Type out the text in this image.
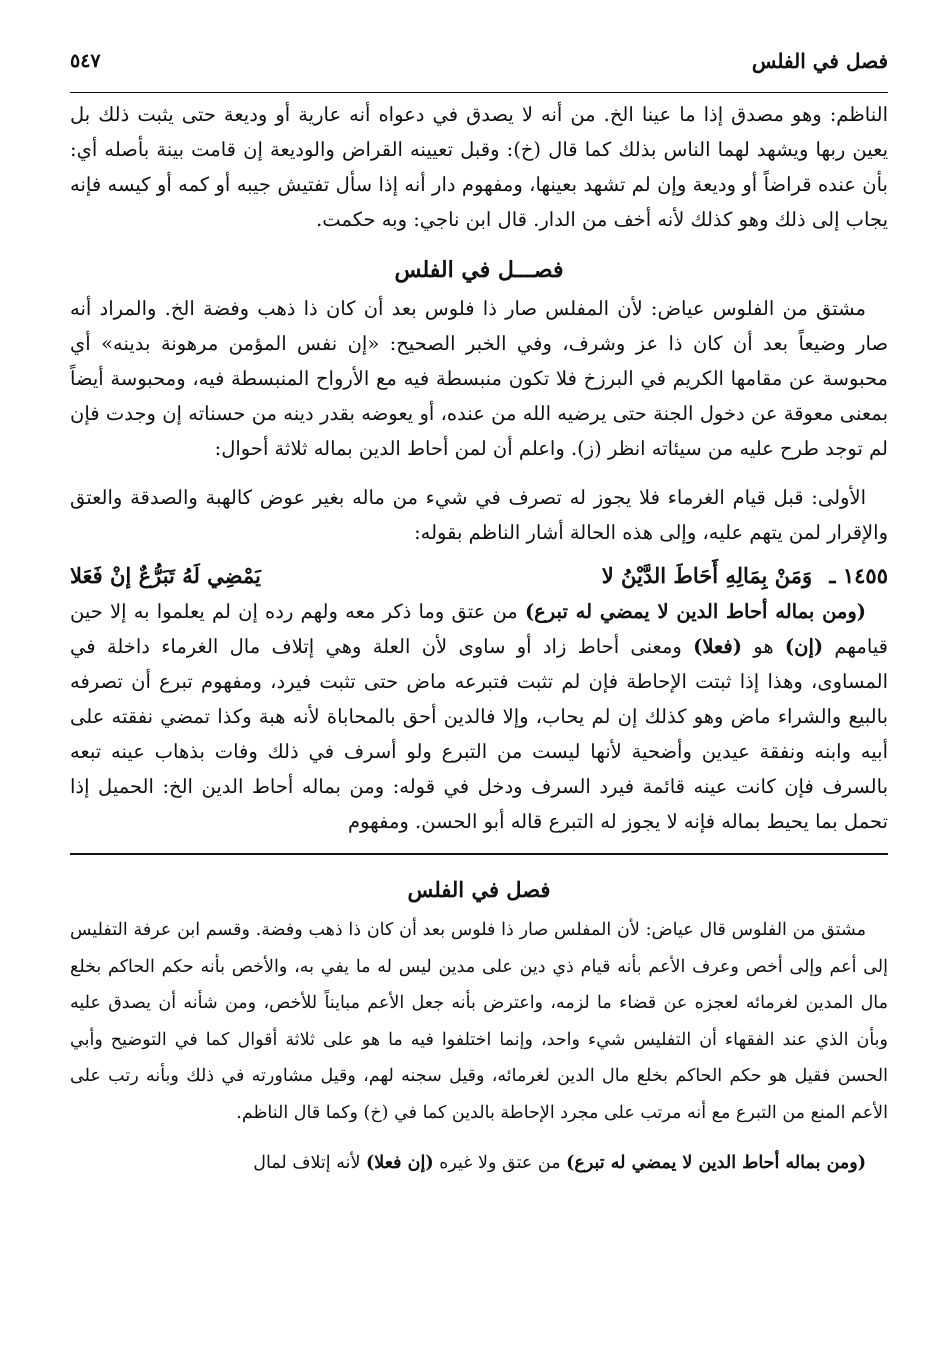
فصل في الفلس
٥٤٧

الناظم: وهو مصدق إذا ما عينا الخ. من أنه لا يصدق في دعواه أنه عارية أو وديعة حتى يثبت ذلك بل يعين ربها ويشهد لهما الناس بذلك كما قال (خ): وقبل تعيينه القراض والوديعة إن قامت بينة بأصله أي: بأن عنده قراضاً أو وديعة وإن لم تشهد بعينها، ومفهوم دار أنه إذا سأل تفتيش جيبه أو كمه أو كيسه فإنه يجاب إلى ذلك وهو كذلك لأنه أخف من الدار. قال ابن ناجي: وبه حكمت.

فصـــل في الفلس

مشتق من الفلوس عياض: لأن المفلس صار ذا فلوس بعد أن كان ذا ذهب وفضة الخ. والمراد أنه صار وضيعاً بعد أن كان ذا عز وشرف، وفي الخبر الصحيح: «إن نفس المؤمن مرهونة بدينه» أي محبوسة عن مقامها الكريم في البرزخ فلا تكون منبسطة فيه مع الأرواح المنبسطة فيه، ومحبوسة أيضاً بمعنى معوقة عن دخول الجنة حتى يرضيه الله من عنده، أو يعوضه بقدر دينه من حسناته إن وجدت فإن لم توجد طرح عليه من سيئاته انظر (ز). واعلم أن لمن أحاط الدين بماله ثلاثة أحوال:

الأولى: قبل قيام الغرماء فلا يجوز له تصرف في شيء من ماله بغير عوض كالهبة والصدقة والعتق والإقرار لمن يتهم عليه، وإلى هذه الحالة أشار الناظم بقوله:

١٤٥٥ ـ وَمَنْ بِمَالِهِ أَحَاطَ الدَّيْنُ لا
يَمْضِي لَهُ تَبَرُّعٌ إنْ فَعَلا

(ومن بماله أحاط الدين لا يمضي له تبرع) من عتق وما ذكر معه ولهم رده إن لم يعلموا به إلا حين قيامهم (إن) هو (فعلا) ومعنى أحاط زاد أو ساوى لأن العلة وهي إتلاف مال الغرماء داخلة في المساوى، وهذا إذا ثبتت الإحاطة فإن لم تثبت فتبرعه ماض حتى تثبت فيرد، ومفهوم تبرع أن تصرفه بالبيع والشراء ماض وهو كذلك إن لم يحاب، وإلا فالدين أحق بالمحاباة لأنه هبة وكذا تمضي نفقته على أبيه وابنه ونفقة عيدين وأضحية لأنها ليست من التبرع ولو أسرف في ذلك وفات بذهاب عينه تبعه بالسرف فإن كانت عينه قائمة فيرد السرف ودخل في قوله: ومن بماله أحاط الدين الخ: الحميل إذا تحمل بما يحيط بماله فإنه لا يجوز له التبرع قاله أبو الحسن. ومفهوم

فصل في الفلس

مشتق من الفلوس قال عياض: لأن المفلس صار ذا فلوس بعد أن كان ذا ذهب وفضة. وقسم ابن عرفة التفليس إلى أعم وإلى أخص وعرف الأعم بأنه قيام ذي دين على مدين ليس له ما يفي به، والأخص بأنه حكم الحاكم بخلع مال المدين لغرمائه لعجزه عن قضاء ما لزمه، واعترض بأنه جعل الأعم مبايناً للأخص، ومن شأنه أن يصدق عليه وبأن الذي عند الفقهاء أن التفليس شيء واحد، وإنما اختلفوا فيه ما هو على ثلاثة أقوال كما في التوضيح وأبي الحسن فقيل هو حكم الحاكم بخلع مال الدين لغرمائه، وقيل سجنه لهم، وقيل مشاورته في ذلك وبأنه رتب على الأعم المنع من التبرع مع أنه مرتب على مجرد الإحاطة بالدين كما في (خ) وكما قال الناظم.

(ومن بماله أحاط الدين لا يمضي له تبرع) من عتق ولا غيره (إن فعلا) لأنه إتلاف لمال
